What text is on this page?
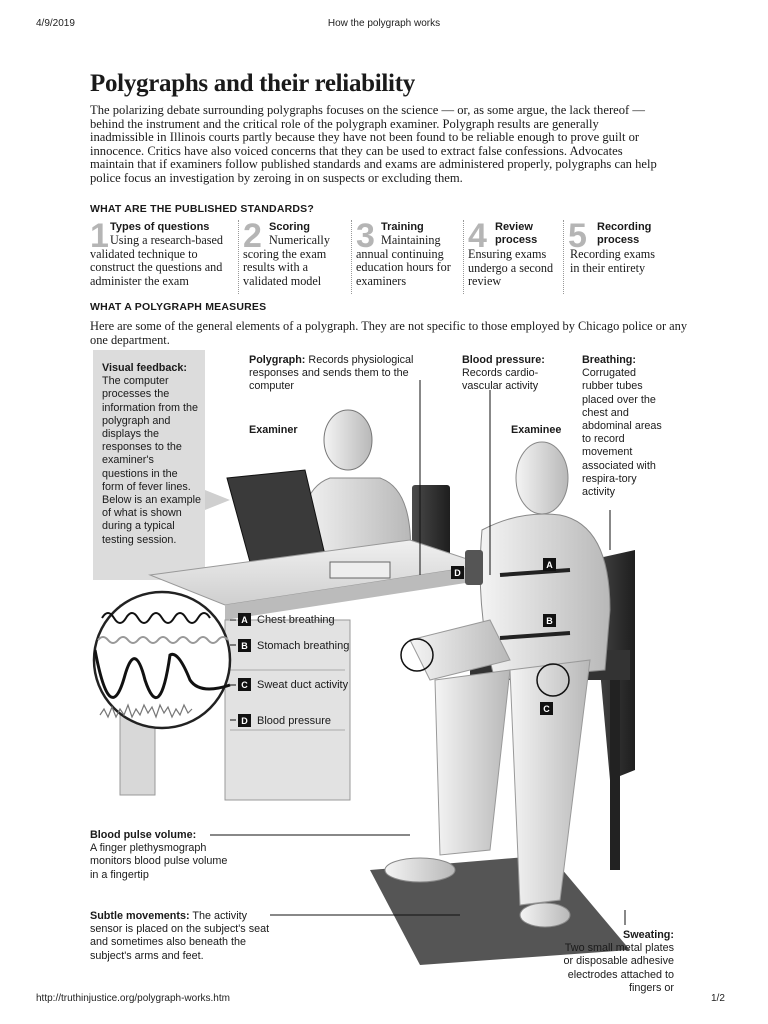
4/9/2019	How the polygraph works
http://truthinjustice.org/polygraph-works.htm	1/2
Polygraphs and their reliability

The polarizing debate surrounding polygraphs focuses on the science — or, as some argue, the lack thereof — behind the instrument and the critical role of the polygraph examiner. Polygraph results are generally inadmissible in Illinois courts partly because they have not been found to be reliable enough to prove guilt or innocence. Critics have also voiced concerns that they can be used to extract false confessions. Advocates maintain that if examiners follow published standards and exams are administered properly, polygraphs can help police focus an investigation by zeroing in on suspects or excluding them.

WHAT ARE THE PUBLISHED STANDARDS?
1 Types of questions
Using a research-based validated technique to construct the questions and administer the exam
2 Scoring
Numerically scoring the exam results with a validated model
3 Training
Maintaining annual continuing education hours for examiners
4 Review process
Ensuring exams undergo a second review
5 Recording process
Recording exams in their entirety
WHAT A POLYGRAPH MEASURES

Here are some of the general elements of a polygraph. They are not specific to those employed by Chicago police or any one department.

Visual feedback:
The computer processes the information from the polygraph and displays the responses to the examiner's questions in the form of fever lines. Below is an example of what is shown during a typical testing session.
Polygraph: Records physiological responses and sends them to the computer
Blood pressure:
Records cardio-vascular activity
Breathing:
Corrugated rubber tubes placed over the chest and abdominal areas to record movement associated with respira-tory activity
Examiner	Examinee
A Chest breathing
B Stomach breathing
C Sweat duct activity
D Blood pressure
A
B
C
D
Blood pulse volume:
A finger plethysmograph monitors blood pulse volume in a fingertip
Subtle movements: The activity sensor is placed on the subject's seat and sometimes also beneath the subject's arms and feet.
Sweating:
Two small metal plates or disposable adhesive electrodes attached to fingers or
